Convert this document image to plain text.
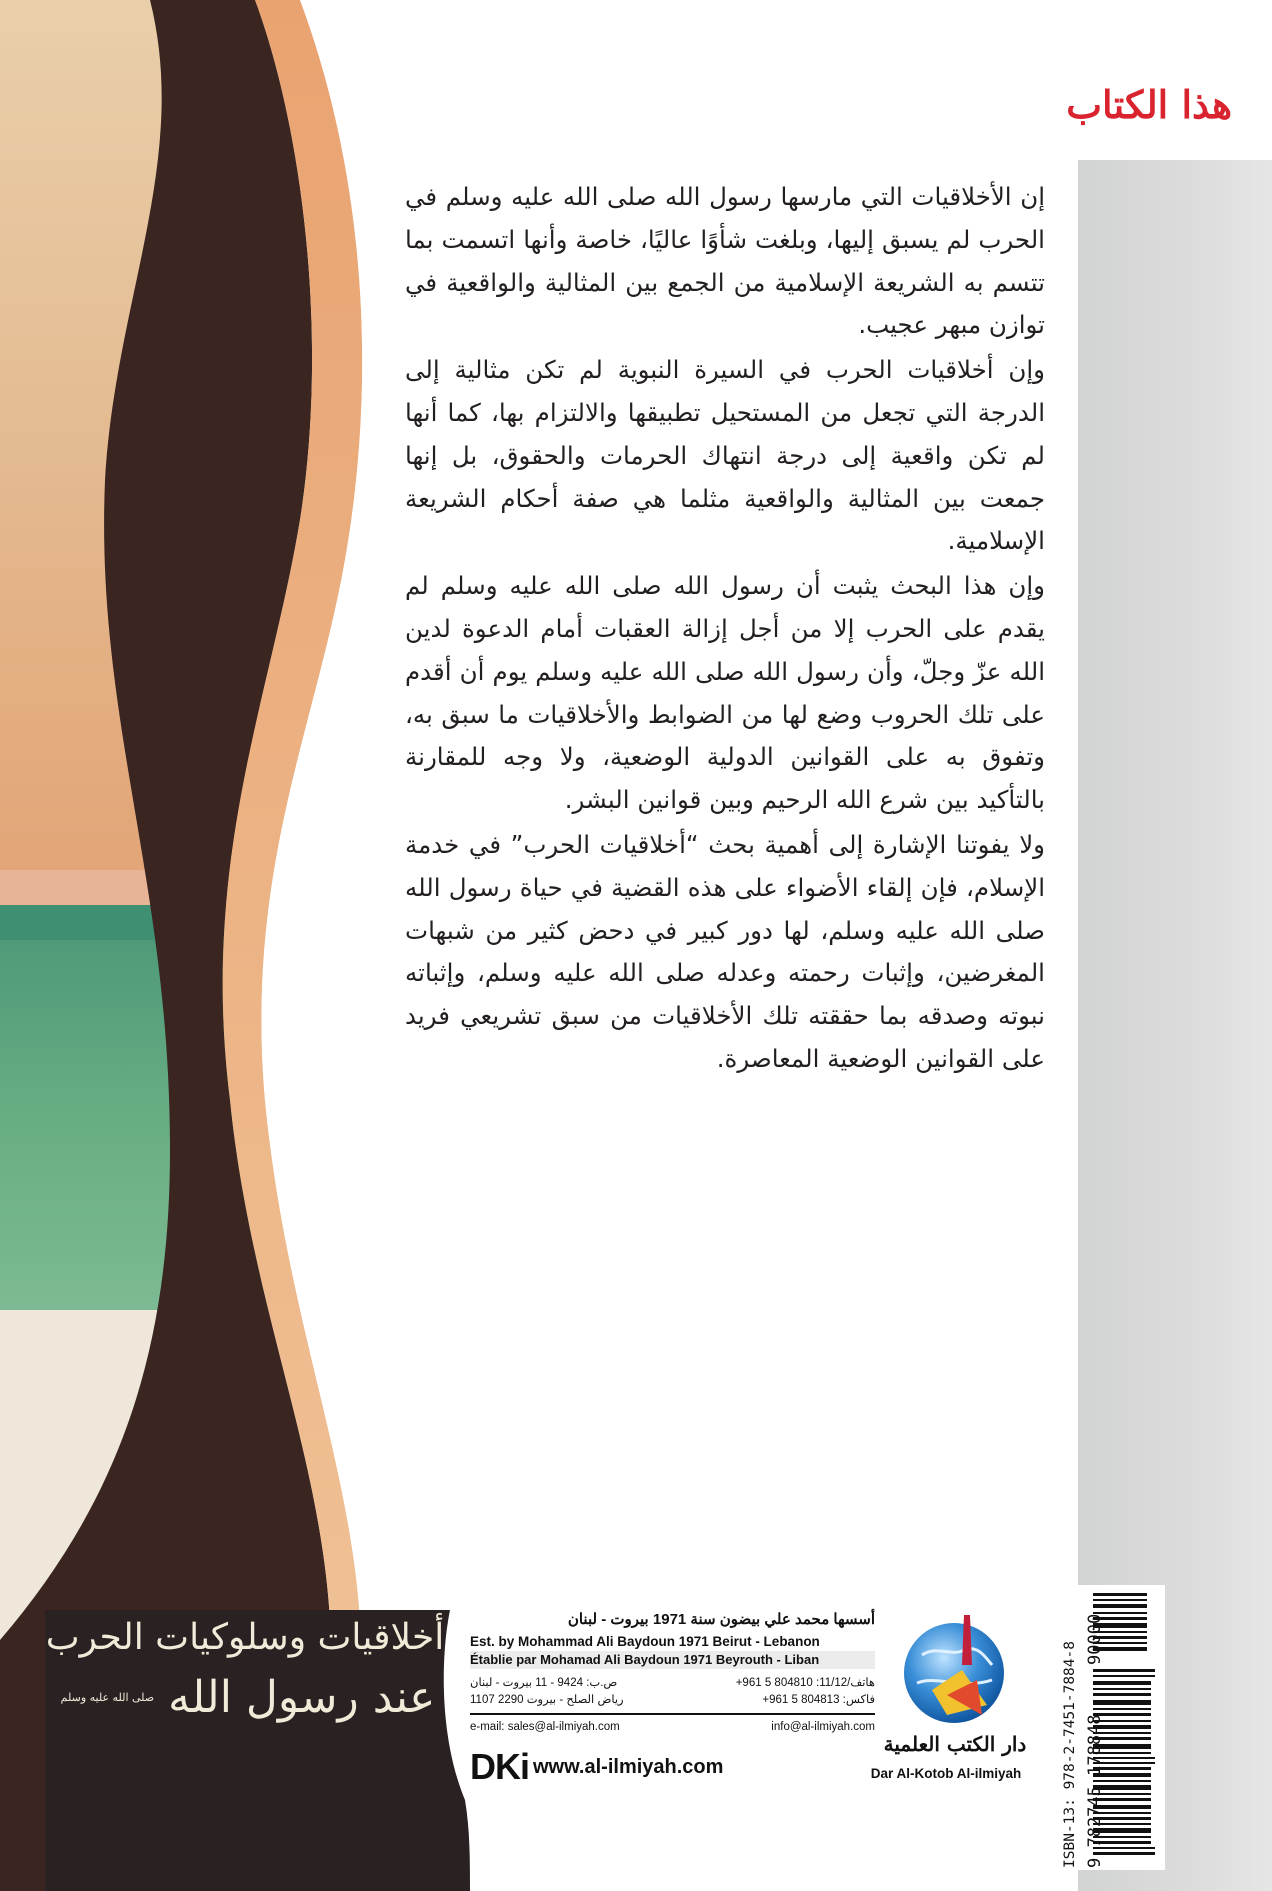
هذا الكتاب

إن الأخلاقيات التي مارسها رسول الله صلى الله عليه وسلم في الحرب لم يسبق إليها، وبلغت شأوًا عاليًا، خاصة وأنها اتسمت بما تتسم به الشريعة الإسلامية من الجمع بين المثالية والواقعية في توازن مبهر عجيب.

وإن أخلاقيات الحرب في السيرة النبوية لم تكن مثالية إلى الدرجة التي تجعل من المستحيل تطبيقها والالتزام بها، كما أنها لم تكن واقعية إلى درجة انتهاك الحرمات والحقوق، بل إنها جمعت بين المثالية والواقعية مثلما هي صفة أحكام الشريعة الإسلامية.

وإن هذا البحث يثبت أن رسول الله صلى الله عليه وسلم لم يقدم على الحرب إلا من أجل إزالة العقبات أمام الدعوة لدين الله عزّ وجلّ، وأن رسول الله صلى الله عليه وسلم يوم أن أقدم على تلك الحروب وضع لها من الضوابط والأخلاقيات ما سبق به، وتفوق به على القوانين الدولية الوضعية، ولا وجه للمقارنة بالتأكيد بين شرع الله الرحيم وبين قوانين البشر.

ولا يفوتنا الإشارة إلى أهمية بحث “أخلاقيات الحرب” في خدمة الإسلام، فإن إلقاء الأضواء على هذه القضية في حياة رسول الله صلى الله عليه وسلم، لها دور كبير في دحض كثير من شبهات المغرضين، وإثبات رحمته وعدله صلى الله عليه وسلم، وإثباته نبوته وصدقه بما حققته تلك الأخلاقيات من سبق تشريعي فريد على القوانين الوضعية المعاصرة.

أخلاقيات وسلوكيات الحرب
عند رسول الله $^{صلى الله عليه وسلم}$
أسسها محمد علي بيضون سنة 1971 بيروت - لبنان
Est. by Mohammad Ali Baydoun 1971 Beirut - Lebanon
Établie par Mohamad Ali Baydoun 1971 Beyrouth - Liban
ص.ب: 9424 - 11 بيروت - لبنان	هاتف/11/12: 804810 5 961+
رياض الصلح - بيروت 2290 1107	فاكس: 804813 5 961+
e-mail: sales@al-ilmiyah.com	info@al-ilmiyah.com
DKi www.al-ilmiyah.com
دار الكتب العلمية
Dar Al-Kotob Al-ilmiyah	ISBN-13: 978-2-7451-7884-8 9 782745 178848
90000
